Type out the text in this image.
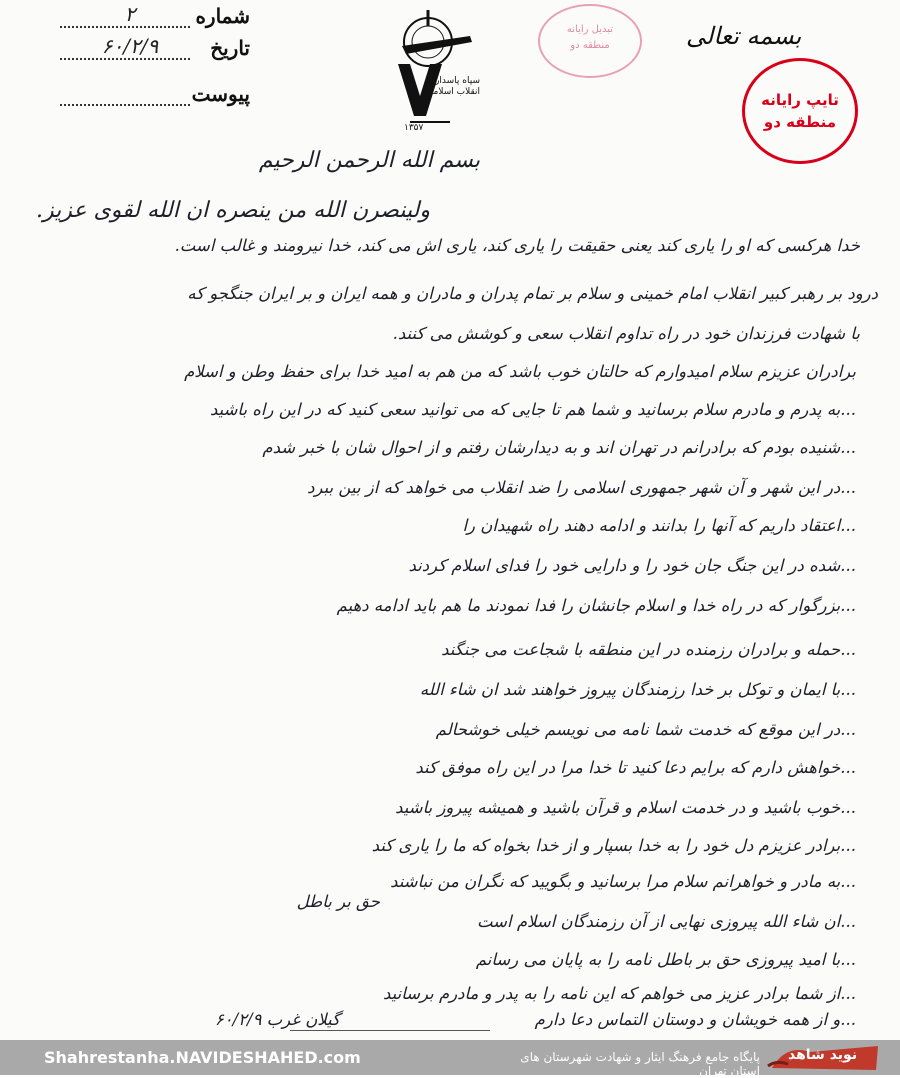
شماره
۲
تاریخ
۶۰/۲/۹
پیوست
سپاه پاسداران انقلاب اسلامی
۱۳۵۷
تبدیل رایانه
منطقه دو	بسمه تعالی
تایپ رایانه
منطقه دو
بسم الله الرحمن الرحیم
ولینصرن الله من ینصره ان الله لقوی عزیز.
خدا هرکسی که او را یاری کند یعنی حقیقت را یاری کند، یاری اش می کند، خدا نیرومند و غالب است.
درود بر رهبر کبیر انقلاب امام خمینی و سلام بر تمام پدران و مادران و همه ایران و بر ایران جنگجو که
با شهادت فرزندان خود در راه تداوم انقلاب سعی و کوشش می کنند.
برادران عزیزم سلام امیدوارم که حالتان خوب باشد که من هم به امید خدا برای حفظ وطن و اسلام
...به پدرم و مادرم سلام برسانید و شما هم تا جایی که می توانید سعی کنید که در این راه باشید
...شنیده بودم که برادرانم در تهران اند و به دیدارشان رفتم و از احوال شان با خبر شدم
...در این شهر و آن شهر جمهوری اسلامی را ضد انقلاب می خواهد که از بین ببرد
...اعتقاد داریم که آنها را بدانند و ادامه دهند راه شهیدان را
...شده در این جنگ جان خود را و دارایی خود را فدای اسلام کردند
...بزرگوار که در راه خدا و اسلام جانشان را فدا نمودند ما هم باید ادامه دهیم
...حمله و برادران رزمنده در این منطقه با شجاعت می جنگند
...با ایمان و توکل بر خدا رزمندگان پیروز خواهند شد ان شاء الله
...در این موقع که خدمت شما نامه می نویسم خیلی خوشحالم
...خواهش دارم که برایم دعا کنید تا خدا مرا در این راه موفق کند
...خوب باشید و در خدمت اسلام و قرآن باشید و همیشه پیروز باشید
...برادر عزیزم دل خود را به خدا بسپار و از خدا بخواه که ما را یاری کند
...به مادر و خواهرانم سلام مرا برسانید و بگویید که نگران من نباشند
...ان شاء الله پیروزی نهایی از آن رزمندگان اسلام است
حق بر باطل
...با امید پیروزی حق بر باطل نامه را به پایان می رسانم
...از شما برادر عزیز می خواهم که این نامه را به پدر و مادرم برسانید
...و از همه خویشان و دوستان التماس دعا دارم
گیلان غرب ۶۰/۲/۹
Shahrestanha.NAVIDESHAHED.com	پایگاه جامع فرهنگ ایثار و شهادت شهرستان های استان تهران
نوید شاهد
